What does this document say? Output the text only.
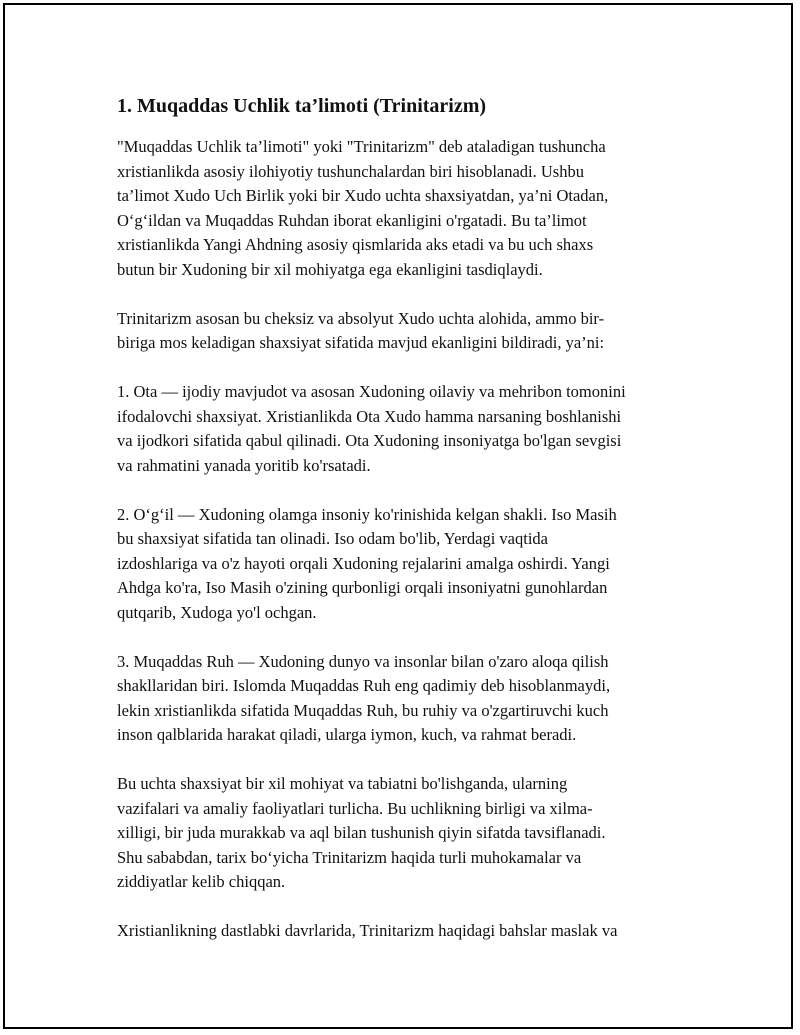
1. Muqaddas Uchlik ta’limoti (Trinitarizm)
"Muqaddas Uchlik ta’limoti" yoki "Trinitarizm" deb ataladigan tushuncha
xristianlikda asosiy ilohiyotiy tushunchalardan biri hisoblanadi. Ushbu
ta’limot Xudo Uch Birlik yoki bir Xudo uchta shaxsiyatdan, ya’ni Otadan,
O‘g‘ildan va Muqaddas Ruhdan iborat ekanligini o'rgatadi. Bu ta’limot
xristianlikda Yangi Ahdning asosiy qismlarida aks etadi va bu uch shaxs
butun bir Xudoning bir xil mohiyatga ega ekanligini tasdiqlaydi.
Trinitarizm asosan bu cheksiz va absolyut Xudo uchta alohida, ammo bir-
biriga mos keladigan shaxsiyat sifatida mavjud ekanligini bildiradi, ya’ni:
1. Ota — ijodiy mavjudot va asosan Xudoning oilaviy va mehribon tomonini
ifodalovchi shaxsiyat. Xristianlikda Ota Xudo hamma narsaning boshlanishi
va ijodkori sifatida qabul qilinadi. Ota Xudoning insoniyatga bo'lgan sevgisi
va rahmatini yanada yoritib ko'rsatadi.
2. O‘g‘il — Xudoning olamga insoniy ko'rinishida kelgan shakli. Iso Masih
bu shaxsiyat sifatida tan olinadi. Iso odam bo'lib, Yerdagi vaqtida
izdoshlariga va o'z hayoti orqali Xudoning rejalarini amalga oshirdi. Yangi
Ahdga ko'ra, Iso Masih o'zining qurbonligi orqali insoniyatni gunohlardan
qutqarib, Xudoga yo'l ochgan.
3. Muqaddas Ruh — Xudoning dunyo va insonlar bilan o'zaro aloqa qilish
shakllaridan biri. Islomda Muqaddas Ruh eng qadimiy deb hisoblanmaydi,
lekin xristianlikda sifatida Muqaddas Ruh, bu ruhiy va o'zgartiruvchi kuch
inson qalblarida harakat qiladi, ularga iymon, kuch, va rahmat beradi.
Bu uchta shaxsiyat bir xil mohiyat va tabiatni bo'lishganda, ularning
vazifalari va amaliy faoliyatlari turlicha. Bu uchlikning birligi va xilma-
xilligi, bir juda murakkab va aql bilan tushunish qiyin sifatda tavsiflanadi.
Shu sababdan, tarix bo‘yicha Trinitarizm haqida turli muhokamalar va
ziddiyatlar kelib chiqqan.
Xristianlikning dastlabki davrlarida, Trinitarizm haqidagi bahslar maslak va
